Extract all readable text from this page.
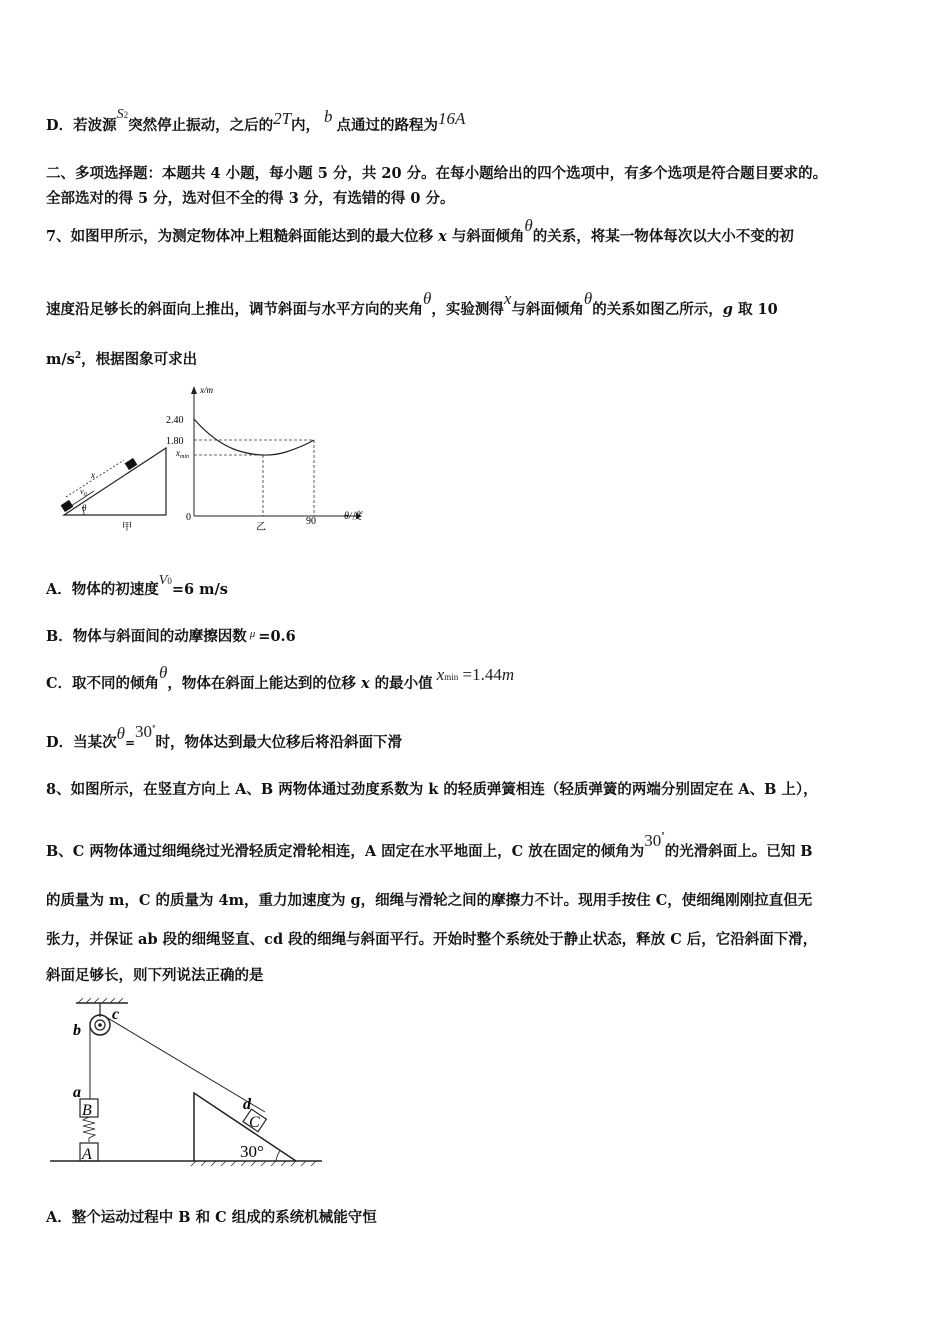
D．若波源S2突然停止振动，之后的2T内， b 点通过的路程为16A
二、多项选择题：本题共 4 小题，每小题 5 分，共 20 分。在每小题给出的四个选项中，有多个选项是符合题目要求的。
全部选对的得 5 分，选对但不全的得 3 分，有选错的得 0 分。
7、如图甲所示，为测定物体冲上粗糙斜面能达到的最大位移 x 与斜面倾角θ的关系，将某一物体每次以大小不变的初
速度沿足够长的斜面向上推出，调节斜面与水平方向的夹角θ，实验测得x与斜面倾角θ的关系如图乙所示，g 取 10
$m/s^2$，根据图象可求出
x
$v_0$
θ
甲
x/m
2.40
1.80
$x_{min}$
0	90	θ/度
乙
A．物体的初速度V0=6 m/s
B．物体与斜面间的动摩擦因数 $^\mu$ =0.6
C．取不同的倾角θ，物体在斜面上能达到的位移 x 的最小值 xmin =1.44m
D．当某次θ=30°时，物体达到最大位移后将沿斜面下滑
8、如图所示，在竖直方向上 A、B 两物体通过劲度系数为 k 的轻质弹簧相连（轻质弹簧的两端分别固定在 A、B 上），
B、C 两物体通过细绳绕过光滑轻质定滑轮相连，A 固定在水平地面上，C 放在固定的倾角为30°的光滑斜面上。已知 B
的质量为 m，C 的质量为 4m，重力加速度为 g，细绳与滑轮之间的摩擦力不计。现用手按住 C，使细绳刚刚拉直但无
张力，并保证 ab 段的细绳竖直、cd 段的细绳与斜面平行。开始时整个系统处于静止状态，释放 C 后，它沿斜面下滑，
斜面足够长，则下列说法正确的是
B
A
C
30°
b
c
a
d
A．整个运动过程中 B 和 C 组成的系统机械能守恒
